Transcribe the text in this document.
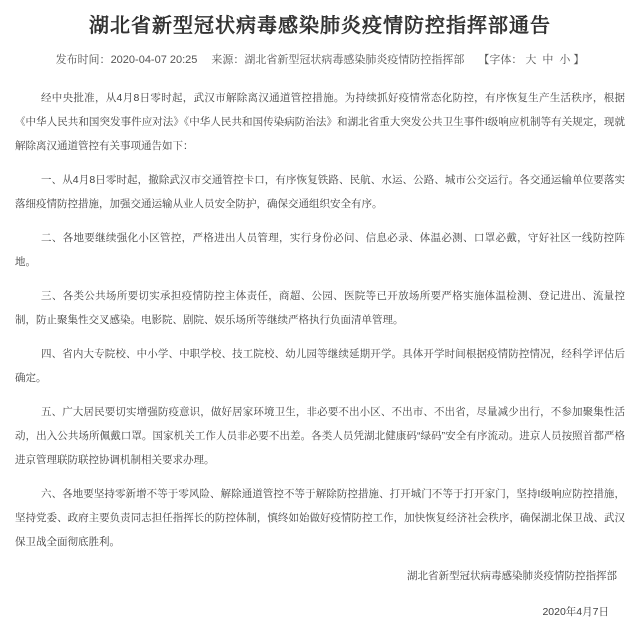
湖北省新型冠状病毒感染肺炎疫情防控指挥部通告
发布时间：2020-04-07 20:25 来源：湖北省新型冠状病毒感染肺炎疫情防控指挥部 【字体： 大 中 小 】

经中央批准，从4月8日零时起，武汉市解除离汉通道管控措施。为持续抓好疫情常态化防控，有序恢复生产生活秩序，根据《中华人民共和国突发事件应对法》《中华人民共和国传染病防治法》和湖北省重大突发公共卫生事件I级响应机制等有关规定，现就解除离汉通道管控有关事项通告如下：

一、从4月8日零时起，撤除武汉市交通管控卡口，有序恢复铁路、民航、水运、公路、城市公交运行。各交通运输单位要落实落细疫情防控措施，加强交通运输从业人员安全防护，确保交通组织安全有序。

二、各地要继续强化小区管控，严格进出人员管理，实行身份必问、信息必录、体温必测、口罩必戴，守好社区一线防控阵地。

三、各类公共场所要切实承担疫情防控主体责任，商超、公园、医院等已开放场所要严格实施体温检测、登记进出、流量控制，防止聚集性交叉感染。电影院、剧院、娱乐场所等继续严格执行负面清单管理。

四、省内大专院校、中小学、中职学校、技工院校、幼儿园等继续延期开学。具体开学时间根据疫情防控情况，经科学评估后确定。

五、广大居民要切实增强防疫意识，做好居家环境卫生，非必要不出小区、不出市、不出省，尽量减少出行，不参加聚集性活动，出入公共场所佩戴口罩。国家机关工作人员非必要不出差。各类人员凭湖北健康码“绿码”安全有序流动。进京人员按照首都严格进京管理联防联控协调机制相关要求办理。

六、各地要坚持零新增不等于零风险、解除通道管控不等于解除防控措施、打开城门不等于打开家门，坚持I级响应防控措施，坚持党委、政府主要负责同志担任指挥长的防控体制，慎终如始做好疫情防控工作，加快恢复经济社会秩序，确保湖北保卫战、武汉保卫战全面彻底胜利。

湖北省新型冠状病毒感染肺炎疫情防控指挥部
2020年4月7日
